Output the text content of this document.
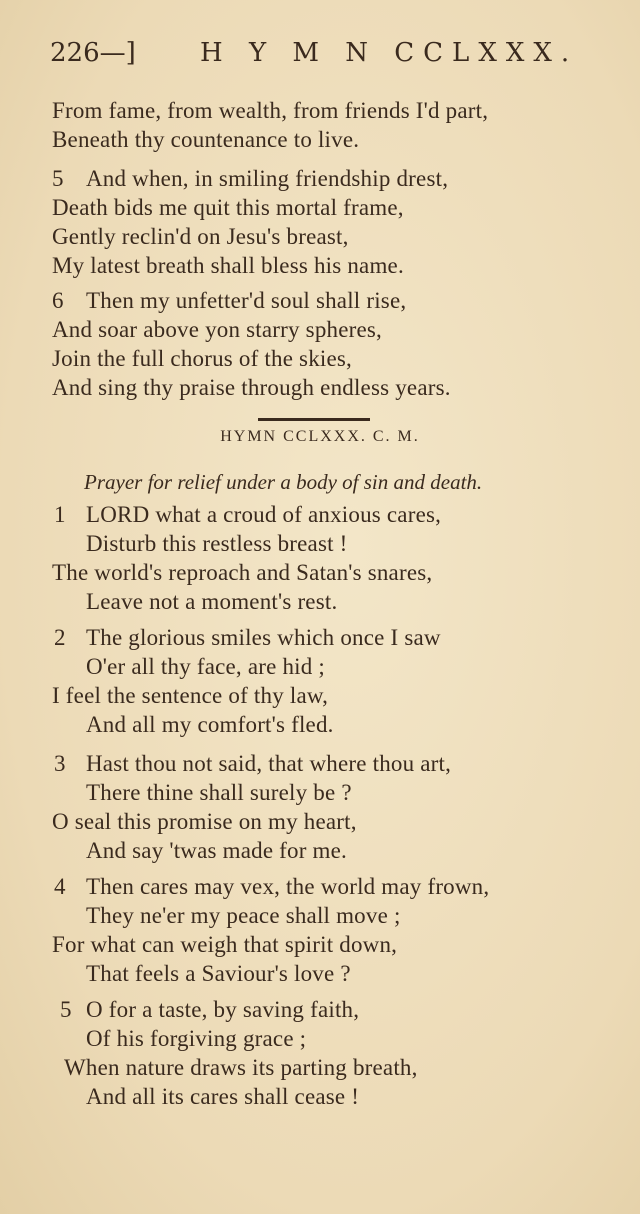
226—] H Y M N CCLXXX.
From fame, from wealth, from friends I'd part,
Beneath thy countenance to live.
5 And when, in smiling friendship drest,
Death bids me quit this mortal frame,
Gently reclin'd on Jesu's breast,
My latest breath shall bless his name.
6 Then my unfetter'd soul shall rise,
And soar above yon starry spheres,
Join the full chorus of the skies,
And sing thy praise through endless years.
HYMN CCLXXX. C. M.
Prayer for relief under a body of sin and death.
1 LORD what a croud of anxious cares,
Disturb this restless breast !
The world's reproach and Satan's snares,
Leave not a moment's rest.
2 The glorious smiles which once I saw
O'er all thy face, are hid ;
I feel the sentence of thy law,
And all my comfort's fled.
3 Hast thou not said, that where thou art,
There thine shall surely be ?
O seal this promise on my heart,
And say 'twas made for me.
4 Then cares may vex, the world may frown,
They ne'er my peace shall move ;
For what can weigh that spirit down,
That feels a Saviour's love ?
5 O for a taste, by saving faith,
Of his forgiving grace ;
When nature draws its parting breath,
And all its cares shall cease !
